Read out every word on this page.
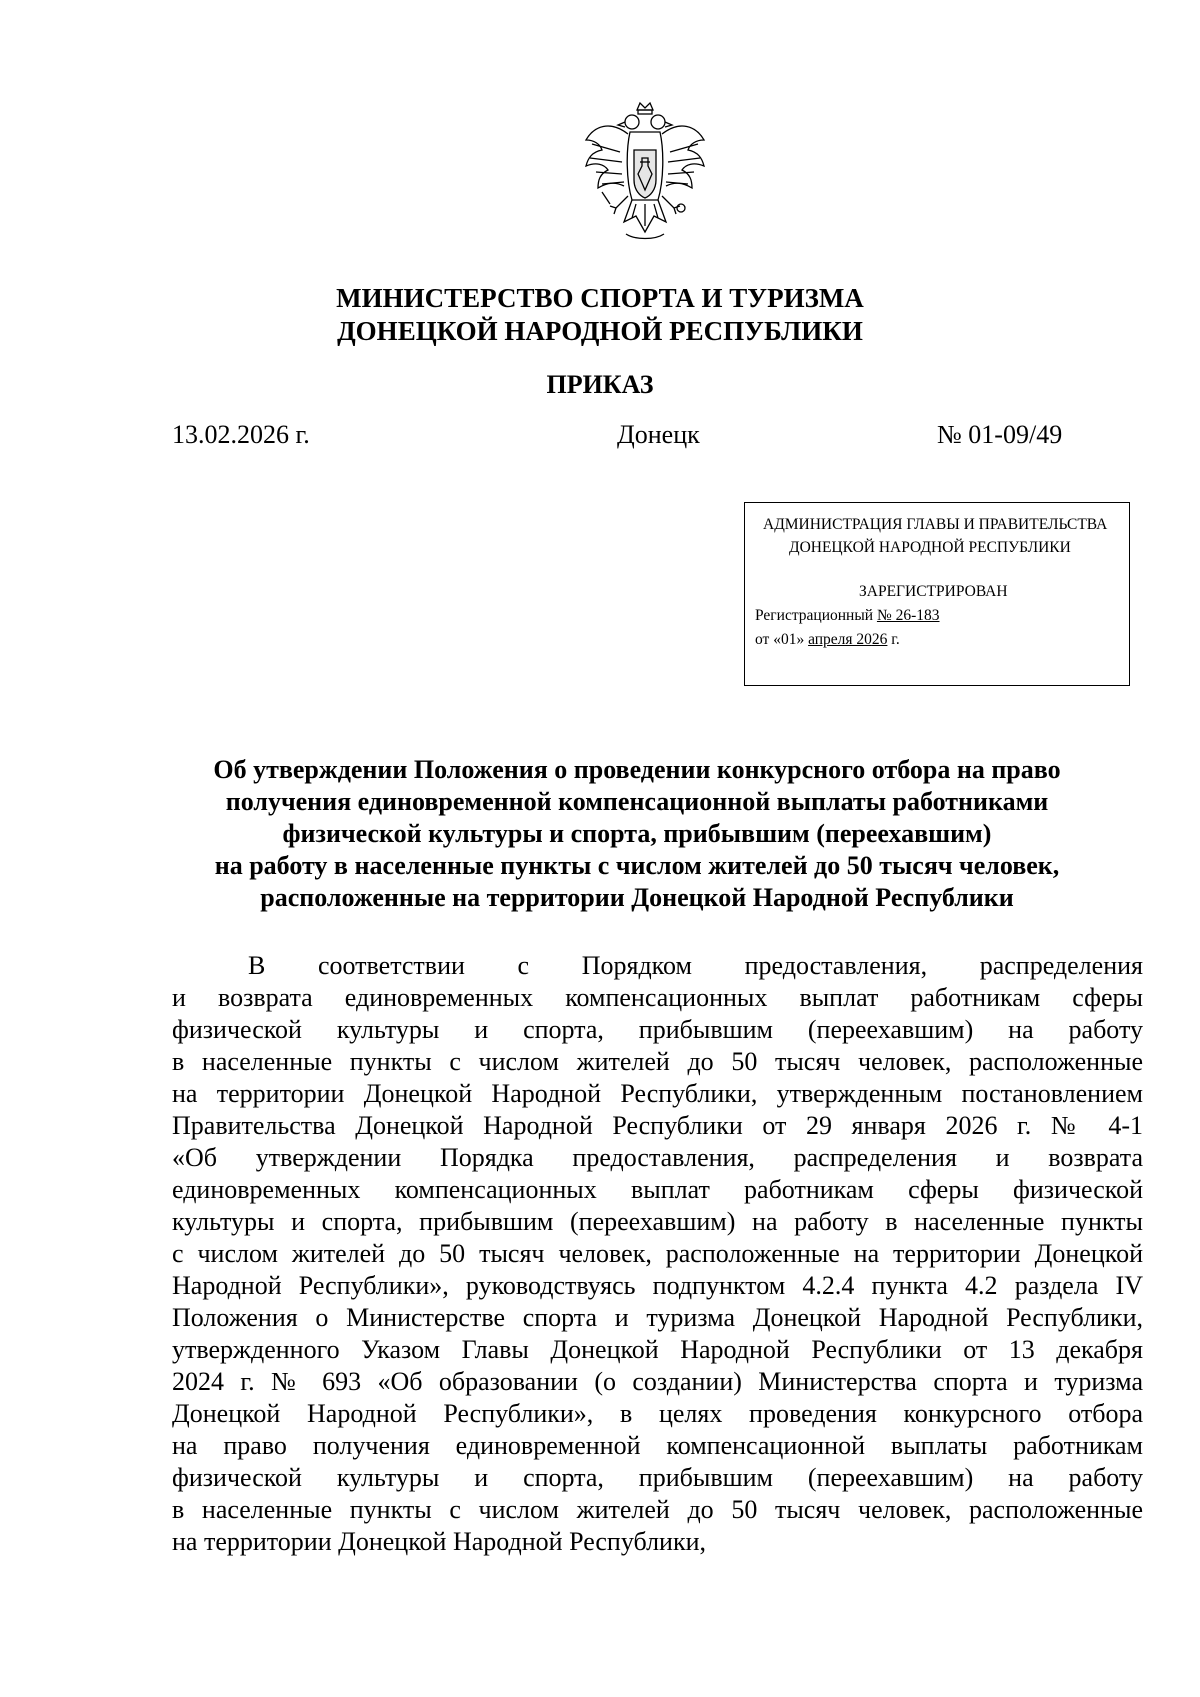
МИНИСТЕРСТВО СПОРТА И ТУРИЗМА
ДОНЕЦКОЙ НАРОДНОЙ РЕСПУБЛИКИ
ПРИКАЗ
13.02.2026 г.	Донецк	№ 01-09/49
АДМИНИСТРАЦИЯ ГЛАВЫ И ПРАВИТЕЛЬСТВА
ДОНЕЦКОЙ НАРОДНОЙ РЕСПУБЛИКИ
ЗАРЕГИСТРИРОВАН
Регистрационный № 26-183
от «01» апреля 2026 г.
Об утверждении Положения о проведении конкурсного отбора на право
получения единовременной компенсационной выплаты работниками
физической культуры и спорта, прибывшим (переехавшим)
на работу в населенные пункты с числом жителей до 50 тысяч человек,
расположенные на территории Донецкой Народной Республики
В соответствии с Порядком предоставления, распределения
и возврата единовременных компенсационных выплат работникам сферы
физической культуры и спорта, прибывшим (переехавшим) на работу
в населенные пункты с числом жителей до 50 тысяч человек, расположенные
на территории Донецкой Народной Республики, утвержденным постановлением
Правительства Донецкой Народной Республики от 29 января 2026 г. № 4-1
«Об утверждении Порядка предоставления, распределения и возврата
единовременных компенсационных выплат работникам сферы физической
культуры и спорта, прибывшим (переехавшим) на работу в населенные пункты
с числом жителей до 50 тысяч человек, расположенные на территории Донецкой
Народной Республики», руководствуясь подпунктом 4.2.4 пункта 4.2 раздела IV
Положения о Министерстве спорта и туризма Донецкой Народной Республики,
утвержденного Указом Главы Донецкой Народной Республики от 13 декабря
2024 г. № 693 «Об образовании (о создании) Министерства спорта и туризма
Донецкой Народной Республики», в целях проведения конкурсного отбора
на право получения единовременной компенсационной выплаты работникам
физической культуры и спорта, прибывшим (переехавшим) на работу
в населенные пункты с числом жителей до 50 тысяч человек, расположенные
на территории Донецкой Народной Республики,
